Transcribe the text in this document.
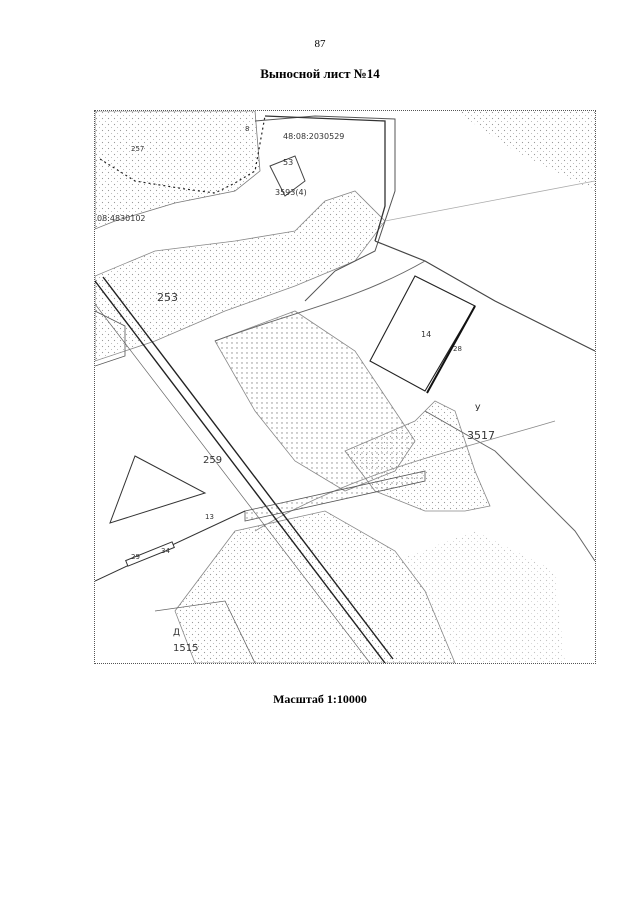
87
Выносной лист №14
48:08:2030529
08:4830102
257
53
3593(4)
253
259
14
У
3517
1515
Д
28
13
34
29
8
Масштаб 1:10000
